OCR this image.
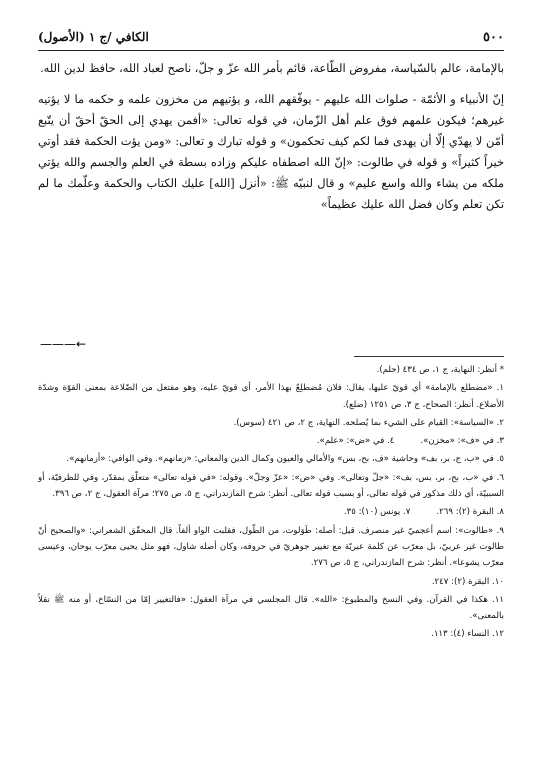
٥٠٠
الكافي /ج ١ (الأصول)

بالإمامة، عالم بالسّياسة، مفروض الطّاعة، قائم بأمر الله عزّ و جلّ، ناصح لعباد الله، حافظ لدين الله.

إنّ الأنبياء و الأئمّة - صلوات الله عليهم - يوفّقهم الله، و يؤتيهم من مخزون علمه و حكمه ما لا يؤتيه غيرهم؛ فيكون علمهم فوق علم أهل الزّمان، في قوله تعالى: «أفمن يهدي إلى الحقّ أحقّ أن يتّبع أمّن لا يهدّي إلّا أن يهدى فما لكم كيف تحكمون» و قوله تبارك و تعالى: «ومن يؤت الحكمة فقد أوتي خيراً كثيراً» و قوله في طالوت: «إنّ الله اصطفاه عليكم وزاده بسطة في العلم والجسم والله يؤتي ملكه من يشاء والله واسع عليم» و قال لنبيّه ﷺ: «أنزل [الله] عليك الكتاب والحكمة وعلّمك ما لم تكن تعلم وكان فضل الله عليك عظيماً»

←———

* أنظر: النهاية، ج ١، ص ٤٣٤ (حلم).

١. «مضطلع بالإمامة» أي قويّ عليها، يقال: فلان مُضطلِعٌ بهذا الأمر، أي قويّ عليه، وهو مفتعل من الضّلاعة بمعنى القوّة وشدّة الأضلاع. أنظر: الصحاح، ج ٣، ص ١٢٥١ (ضلع).

٢. «السياسة»: القيام على الشيء بما يُصلحه. النهاية، ج ٢، ص ٤٢١ (سوس).

٣. في «ف»: «مخزن».
٤. في «ض»: «علم».

٥. في «ب، ج، بر، بف» وحاشية «ف، بح، بس» والأمالي والعيون وكمال الدين والمعاني: «زمانهم». وفي الوافي: «أزمانهم».

٦. في «ب، بح، بر، بس، بف»: «جلّ وتعالى». وفي «ض»: «عزّ وجلّ». وقوله: «في قوله تعالى» متعلّق بمقدّر، وفي للظرفيّة، أو السببيّة، أي ذلك مذكور في قوله تعالى، أو بسبب قوله تعالى. أنظر: شرح المازندراني، ج ٥، ص ٢٧٥؛ مرآة العقول، ج ٢، ص ٣٩٦.

٨. البقرة (٢): ٢٦٩.
٧. يونس (١٠): ٣٥.

٩. «طالوت»: اسم أعجميّ غير منصرف. قيل: أصله: طَوَلوت، من الطّول، فقلبت الواو ألفاً. قال المحقّق الشعراني: «والصحيح أنّ طالوت غير عربيّ، بل معرّب عن كلمة عبريّة مع تغيير جوهريّ في حروفه، وكان أصله شاول، فهو مثل يحيى معرّب يوحان، وعيسى معرّب يشوعا». أنظر: شرح المازندراني، ج ٥، ص ٢٧٦.

١٠. البقرة (٢): ٢٤٧.

١١. هكذا في القرآن. وفي النسخ والمطبوع: «الله». قال المجلسي في مرآة العقول: «فالتغيير إمّا من النسّاخ، أو منه ﷺ نقلاً بالمعنى».

١٢. النساء (٤): ١١٣.
